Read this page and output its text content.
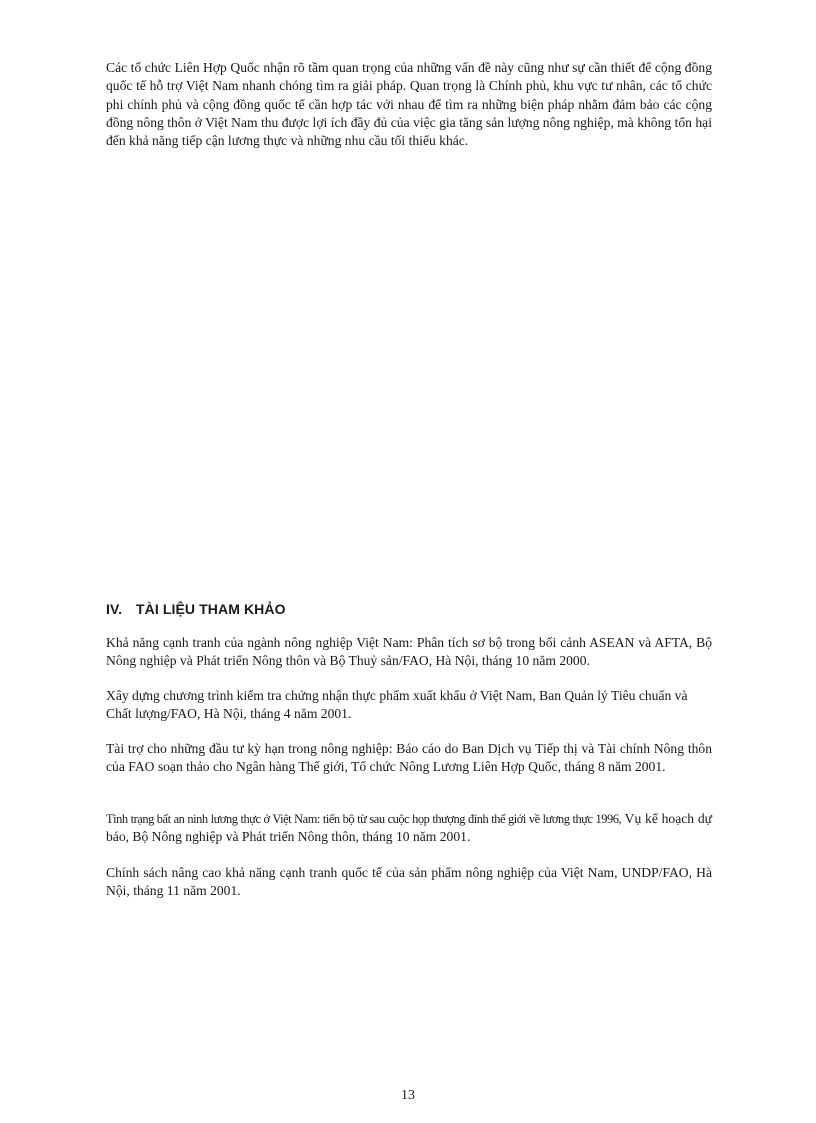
Các tổ chức Liên Hợp Quốc nhận rõ tầm quan trọng của những vấn đề này cũng như sự cần thiết để cộng đồng quốc tế hỗ trợ Việt Nam nhanh chóng tìm ra giải pháp. Quan trọng là Chính phủ, khu vực tư nhân, các tổ chức phi chính phủ và cộng đồng quốc tế cần hợp tác với nhau để tìm ra những biện pháp nhằm đảm bảo các cộng đồng nông thôn ở Việt Nam thu được lợi ích đầy đủ của việc gia tăng sản lượng nông nghiệp, mà không tổn hại đến khả năng tiếp cận lương thực và những nhu cầu tối thiểu khác.

IV. TÀI LIỆU THAM KHẢO

Khả năng cạnh tranh của ngành nông nghiệp Việt Nam: Phân tích sơ bộ trong bối cảnh ASEAN và AFTA, Bộ Nông nghiệp và Phát triển Nông thôn và Bộ Thuỷ sản/FAO, Hà Nội, tháng 10 năm 2000.

Xây dựng chương trình kiểm tra chứng nhận thực phẩm xuất khẩu ở Việt Nam, Ban Quản lý Tiêu chuẩn và Chất lượng/FAO, Hà Nội, tháng 4 năm 2001.

Tài trợ cho những đầu tư kỳ hạn trong nông nghiệp: Báo cáo do Ban Dịch vụ Tiếp thị và Tài chính Nông thôn của FAO soạn thảo cho Ngân hàng Thế giới, Tổ chức Nông Lương Liên Hợp Quốc, tháng 8 năm 2001.

Tình trạng bất an ninh lương thực ở Việt Nam: tiến bộ từ sau cuộc họp thượng đỉnh thế giới về lương thực 1996, Vụ kế hoạch dự báo, Bộ Nông nghiệp và Phát triển Nông thôn, tháng 10 năm 2001.

Chính sách nâng cao khả năng cạnh tranh quốc tế của sản phẩm nông nghiệp của Việt Nam, UNDP/FAO, Hà Nội, tháng 11 năm 2001.

13
